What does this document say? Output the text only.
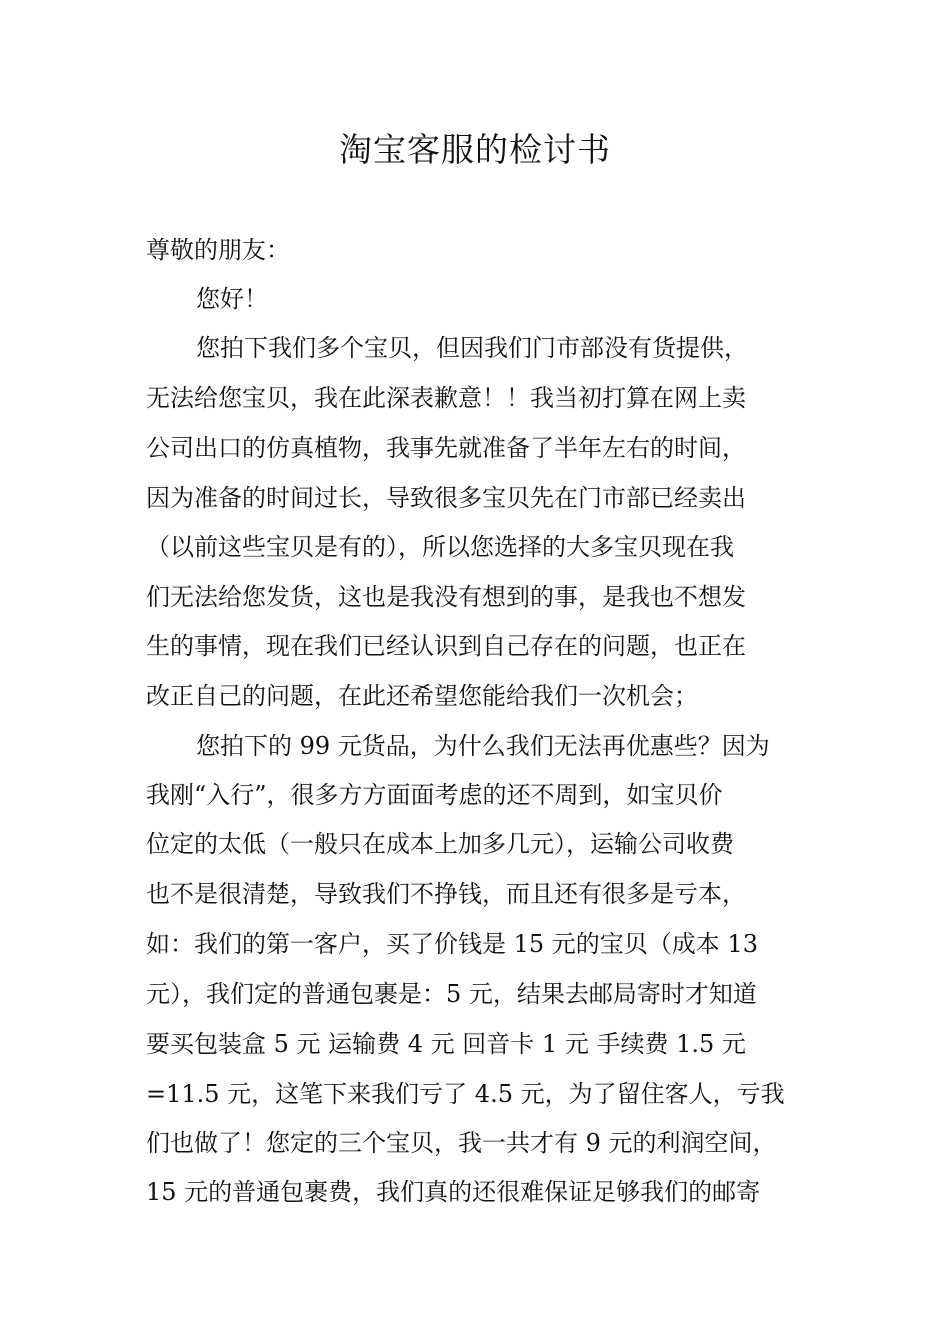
淘宝客服的检讨书
尊敬的朋友：
您好！
您拍下我们多个宝贝，但因我们门市部没有货提供，
无法给您宝贝，我在此深表歉意！！我当初打算在网上卖
公司出口的仿真植物，我事先就准备了半年左右的时间，
因为准备的时间过长，导致很多宝贝先在门市部已经卖出
（以前这些宝贝是有的），所以您选择的大多宝贝现在我
们无法给您发货，这也是我没有想到的事，是我也不想发
生的事情，现在我们已经认识到自己存在的问题，也正在
改正自己的问题，在此还希望您能给我们一次机会；
您拍下的 99 元货品，为什么我们无法再优惠些？因为
我刚“入行”，很多方方面面考虑的还不周到，如宝贝价
位定的太低（一般只在成本上加多几元），运输公司收费
也不是很清楚，导致我们不挣钱，而且还有很多是亏本，
如：我们的第一客户，买了价钱是 15 元的宝贝（成本 13
元），我们定的普通包裹是：5 元，结果去邮局寄时才知道
要买包装盒 5 元 运输费 4 元 回音卡 1 元 手续费 1.5 元
=11.5 元，这笔下来我们亏了 4.5 元，为了留住客人，亏我
们也做了！您定的三个宝贝，我一共才有 9 元的利润空间，
15 元的普通包裹费，我们真的还很难保证足够我们的邮寄
